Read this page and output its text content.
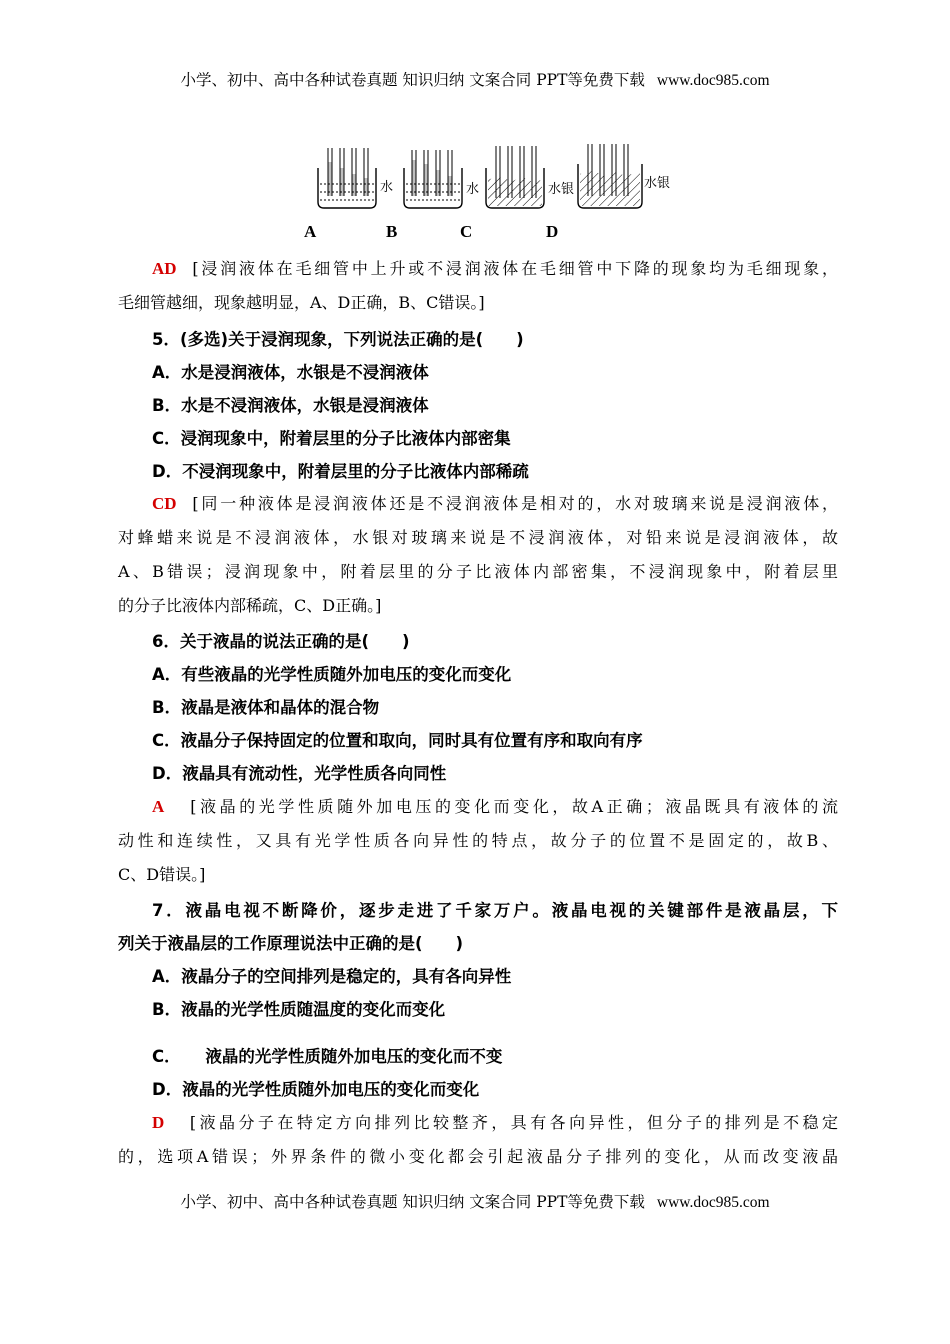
小学、初中、高中各种试卷真题 知识归纳 文案合同 PPT等免费下载 www.doc985.com
水	水	水银	水银
A	B	C	D
AD [浸润液体在毛细管中上升或不浸润液体在毛细管中下降的现象均为毛细现象，
毛细管越细，现象越明显，A、D正确，B、C错误。]
5．(多选)关于浸润现象，下列说法正确的是(　　)
A．水是浸润液体，水银是不浸润液体
B．水是不浸润液体，水银是浸润液体
C．浸润现象中，附着层里的分子比液体内部密集
D．不浸润现象中，附着层里的分子比液体内部稀疏
CD [同一种液体是浸润液体还是不浸润液体是相对的，水对玻璃来说是浸润液体，
对蜂蜡来说是不浸润液体，水银对玻璃来说是不浸润液体，对铅来说是浸润液体，故
A、B错误；浸润现象中，附着层里的分子比液体内部密集，不浸润现象中，附着层里
的分子比液体内部稀疏，C、D正确。]
6．关于液晶的说法正确的是(　　)
A．有些液晶的光学性质随外加电压的变化而变化
B．液晶是液体和晶体的混合物
C．液晶分子保持固定的位置和取向，同时具有位置有序和取向有序
D．液晶具有流动性，光学性质各向同性
A [液晶的光学性质随外加电压的变化而变化，故A正确；液晶既具有液体的流
动性和连续性，又具有光学性质各向异性的特点，故分子的位置不是固定的，故B、
C、D错误。]
7．液晶电视不断降价，逐步走进了千家万户。液晶电视的关键部件是液晶层，下
列关于液晶层的工作原理说法中正确的是(　　)
A．液晶分子的空间排列是稳定的，具有各向异性
B．液晶的光学性质随温度的变化而变化
C．　　液晶的光学性质随外加电压的变化而不变
D．液晶的光学性质随外加电压的变化而变化
D [液晶分子在特定方向排列比较整齐，具有各向异性，但分子的排列是不稳定
的，选项A错误；外界条件的微小变化都会引起液晶分子排列的变化，从而改变液晶
小学、初中、高中各种试卷真题 知识归纳 文案合同 PPT等免费下载 www.doc985.com
